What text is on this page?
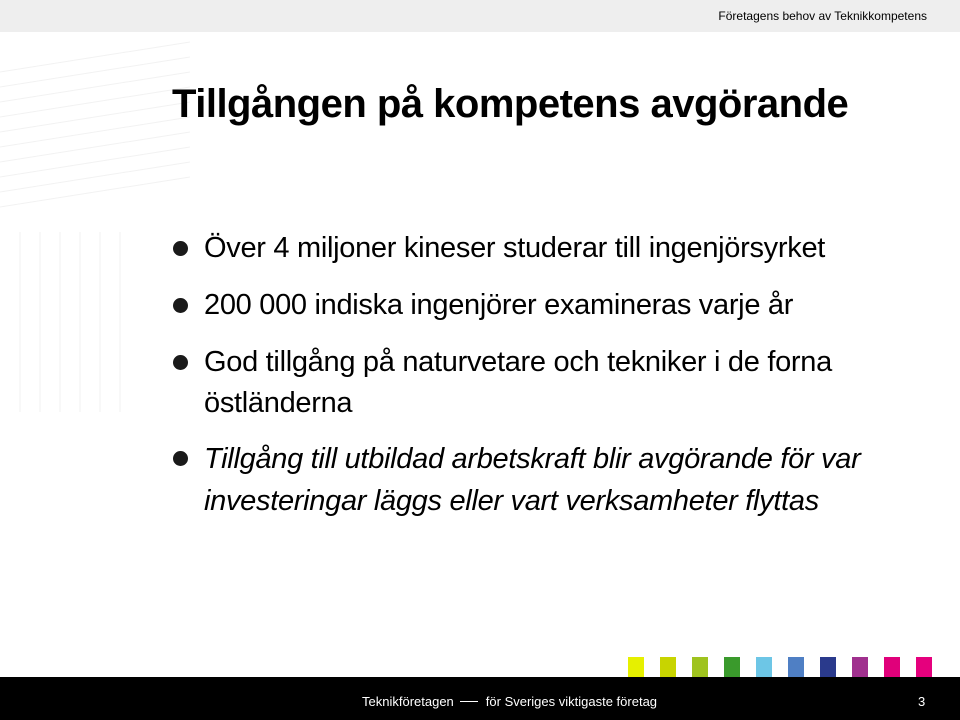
Företagens behov av Teknikkompetens
Tillgången på kompetens avgörande
Över 4 miljoner kineser studerar till ingenjörsyrket
200 000 indiska ingenjörer examineras varje år
God tillgång på naturvetare och tekniker i de forna östländerna
Tillgång till utbildad arbetskraft blir avgörande för var investeringar läggs eller vart verksamheter flyttas
Teknikföretagen för Sveriges viktigaste företag	3
